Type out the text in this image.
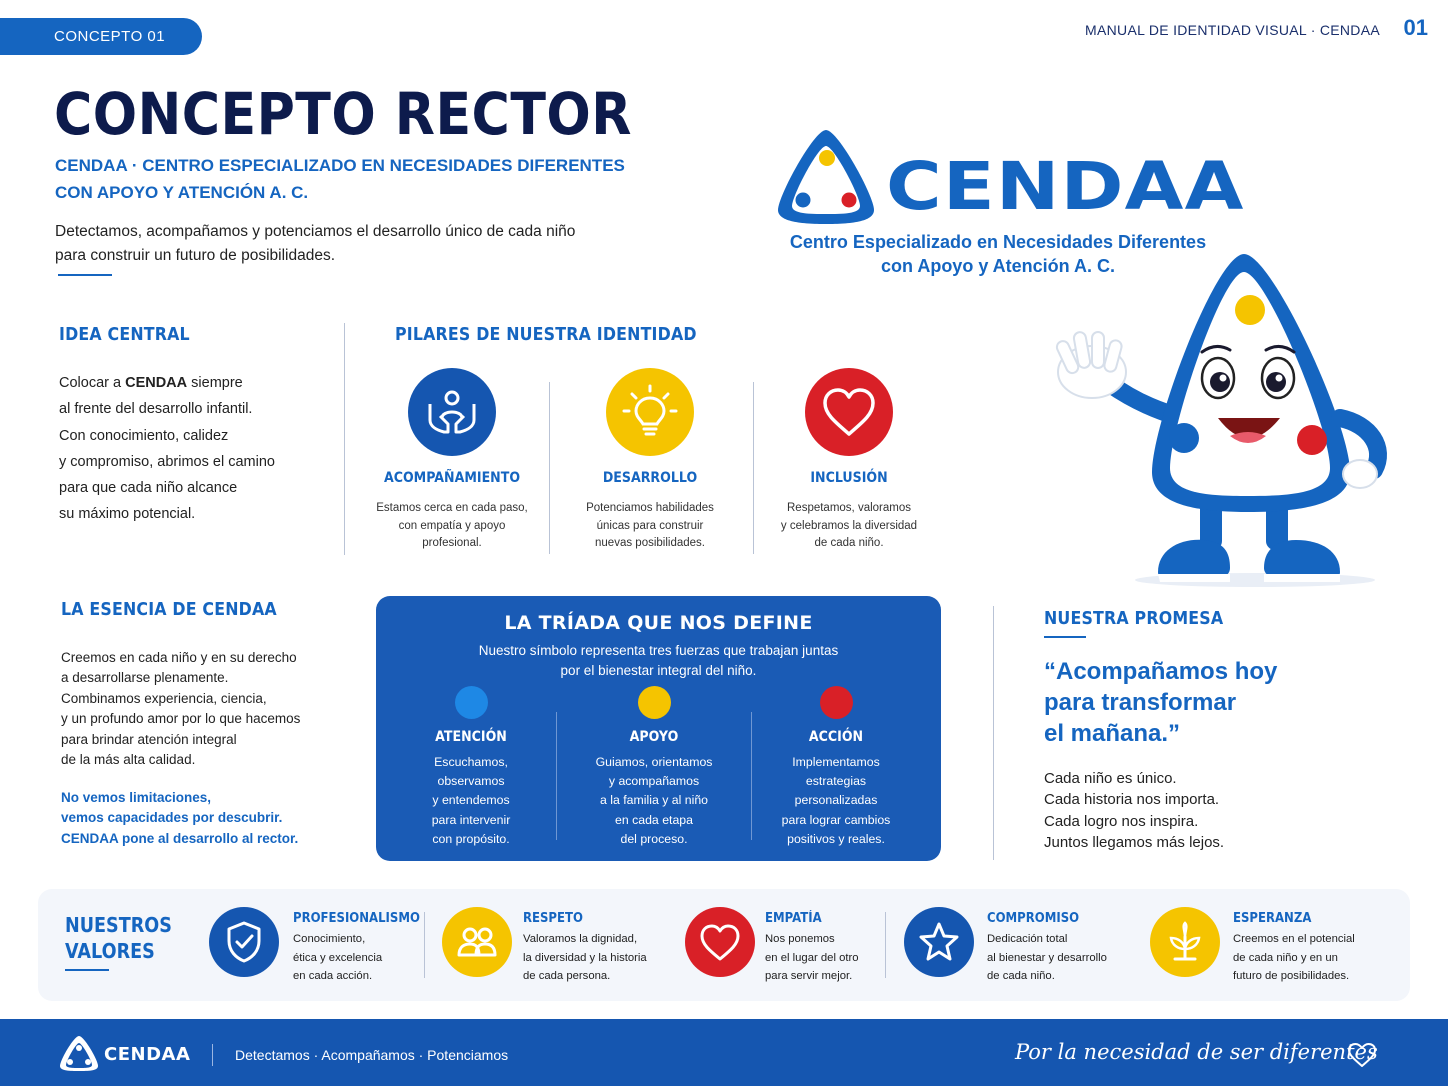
CONCEPTO 01	MANUAL DE IDENTIDAD VISUAL · CENDAA 01
CONCEPTO RECTOR
CENDAA · CENTRO ESPECIALIZADO EN NECESIDADES DIFERENTES
CON APOYO Y ATENCIÓN A. C.
Detectamos, acompañamos y potenciamos el desarrollo único de cada niño
para construir un futuro de posibilidades.
CENDAA
Centro Especializado en Necesidades Diferentes
con Apoyo y Atención A. C.
IDEA CENTRAL
Colocar a CENDAA siempre
al frente del desarrollo infantil.
Con conocimiento, calidez
y compromiso, abrimos el camino
para que cada niño alcance
su máximo potencial.
PILARES DE NUESTRA IDENTIDAD
ACOMPAÑAMIENTO
Estamos cerca en cada paso,
con empatía y apoyo
profesional.
DESARROLLO
Potenciamos habilidades
únicas para construir
nuevas posibilidades.
INCLUSIÓN
Respetamos, valoramos
y celebramos la diversidad
de cada niño.
LA ESENCIA DE CENDAA
Creemos en cada niño y en su derecho
a desarrollarse plenamente.
Combinamos experiencia, ciencia,
y un profundo amor por lo que hacemos
para brindar atención integral
de la más alta calidad.
No vemos limitaciones,
vemos capacidades por descubrir.
CENDAA pone al desarrollo al rector.
LA TRÍADA QUE NOS DEFINE
Nuestro símbolo representa tres fuerzas que trabajan juntas
por el bienestar integral del niño.
ATENCIÓN
Escuchamos,
observamos
y entendemos
para intervenir
con propósito.
APOYO
Guiamos, orientamos
y acompañamos
a la familia y al niño
en cada etapa
del proceso.
ACCIÓN
Implementamos
estrategias
personalizadas
para lograr cambios
positivos y reales.
NUESTRA PROMESA
“Acompañamos hoy
para transformar
el mañana.”
Cada niño es único.
Cada historia nos importa.
Cada logro nos inspira.
Juntos llegamos más lejos.
NUESTROS
VALORES
PROFESIONALISMO
Conocimiento,
ética y excelencia
en cada acción.
RESPETO
Valoramos la dignidad,
la diversidad y la historia
de cada persona.
EMPATÍA
Nos ponemos
en el lugar del otro
para servir mejor.
COMPROMISO
Dedicación total
al bienestar y desarrollo
de cada niño.
ESPERANZA
Creemos en el potencial
de cada niño y en un
futuro de posibilidades.
CENDAA	Detectamos · Acompañamos · Potenciamos	Por la necesidad de ser diferentes
